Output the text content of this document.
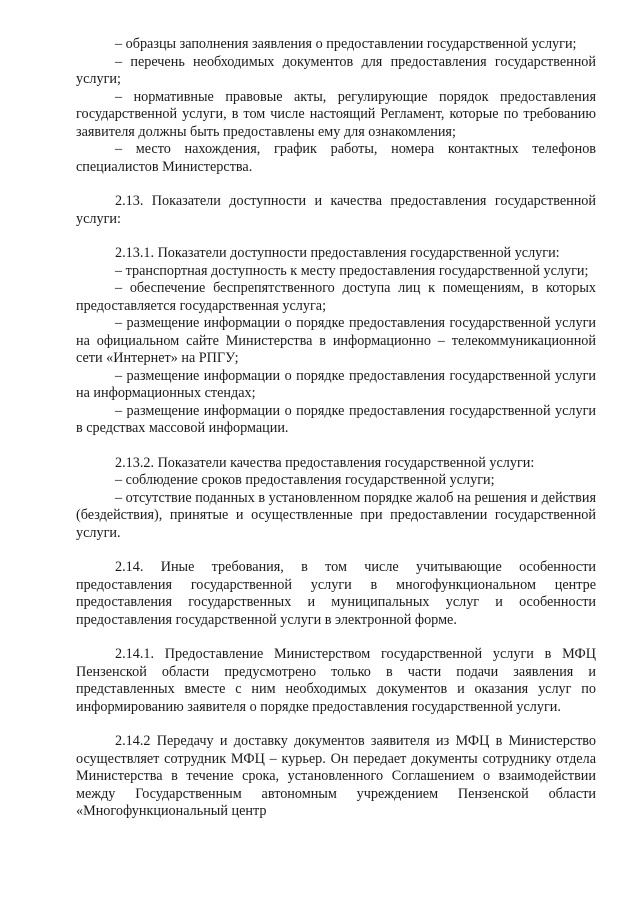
– образцы заполнения заявления о предоставлении государственной услуги;

– перечень необходимых документов для предоставления государственной услуги;

– нормативные правовые акты, регулирующие порядок предоставления государственной услуги, в том числе настоящий Регламент, которые по требованию заявителя должны быть предоставлены ему для ознакомления;

– место нахождения, график работы, номера контактных телефонов специалистов Министерства.

2.13. Показатели доступности и качества предоставления государственной услуги:

2.13.1. Показатели доступности предоставления государственной услуги:

– транспортная доступность к месту предоставления государственной услуги;

– обеспечение беспрепятственного доступа лиц к помещениям, в которых предоставляется государственная услуга;

– размещение информации о порядке предоставления государственной услуги на официальном сайте Министерства в информационно – телекоммуникационной сети «Интернет» на РПГУ;

– размещение информации о порядке предоставления государственной услуги на информационных стендах;

– размещение информации о порядке предоставления государственной услуги в средствах массовой информации.

2.13.2. Показатели качества предоставления государственной услуги:

– соблюдение сроков предоставления государственной услуги;

– отсутствие поданных в установленном порядке жалоб на решения и действия (бездействия), принятые и осуществленные при предоставлении государственной услуги.

2.14. Иные требования, в том числе учитывающие особенности предоставления государственной услуги в многофункциональном центре предоставления государственных и муниципальных услуг и особенности предоставления государственной услуги в электронной форме.

2.14.1. Предоставление Министерством государственной услуги в МФЦ Пензенской области предусмотрено только в части подачи заявления и представленных вместе с ним необходимых документов и оказания услуг по информированию заявителя о порядке предоставления государственной услуги.

2.14.2 Передачу и доставку документов заявителя из МФЦ в Министерство осуществляет сотрудник МФЦ – курьер. Он передает документы сотруднику отдела Министерства в течение срока, установленного Соглашением о взаимодействии между Государственным автономным учреждением Пензенской области «Многофункциональный центр
